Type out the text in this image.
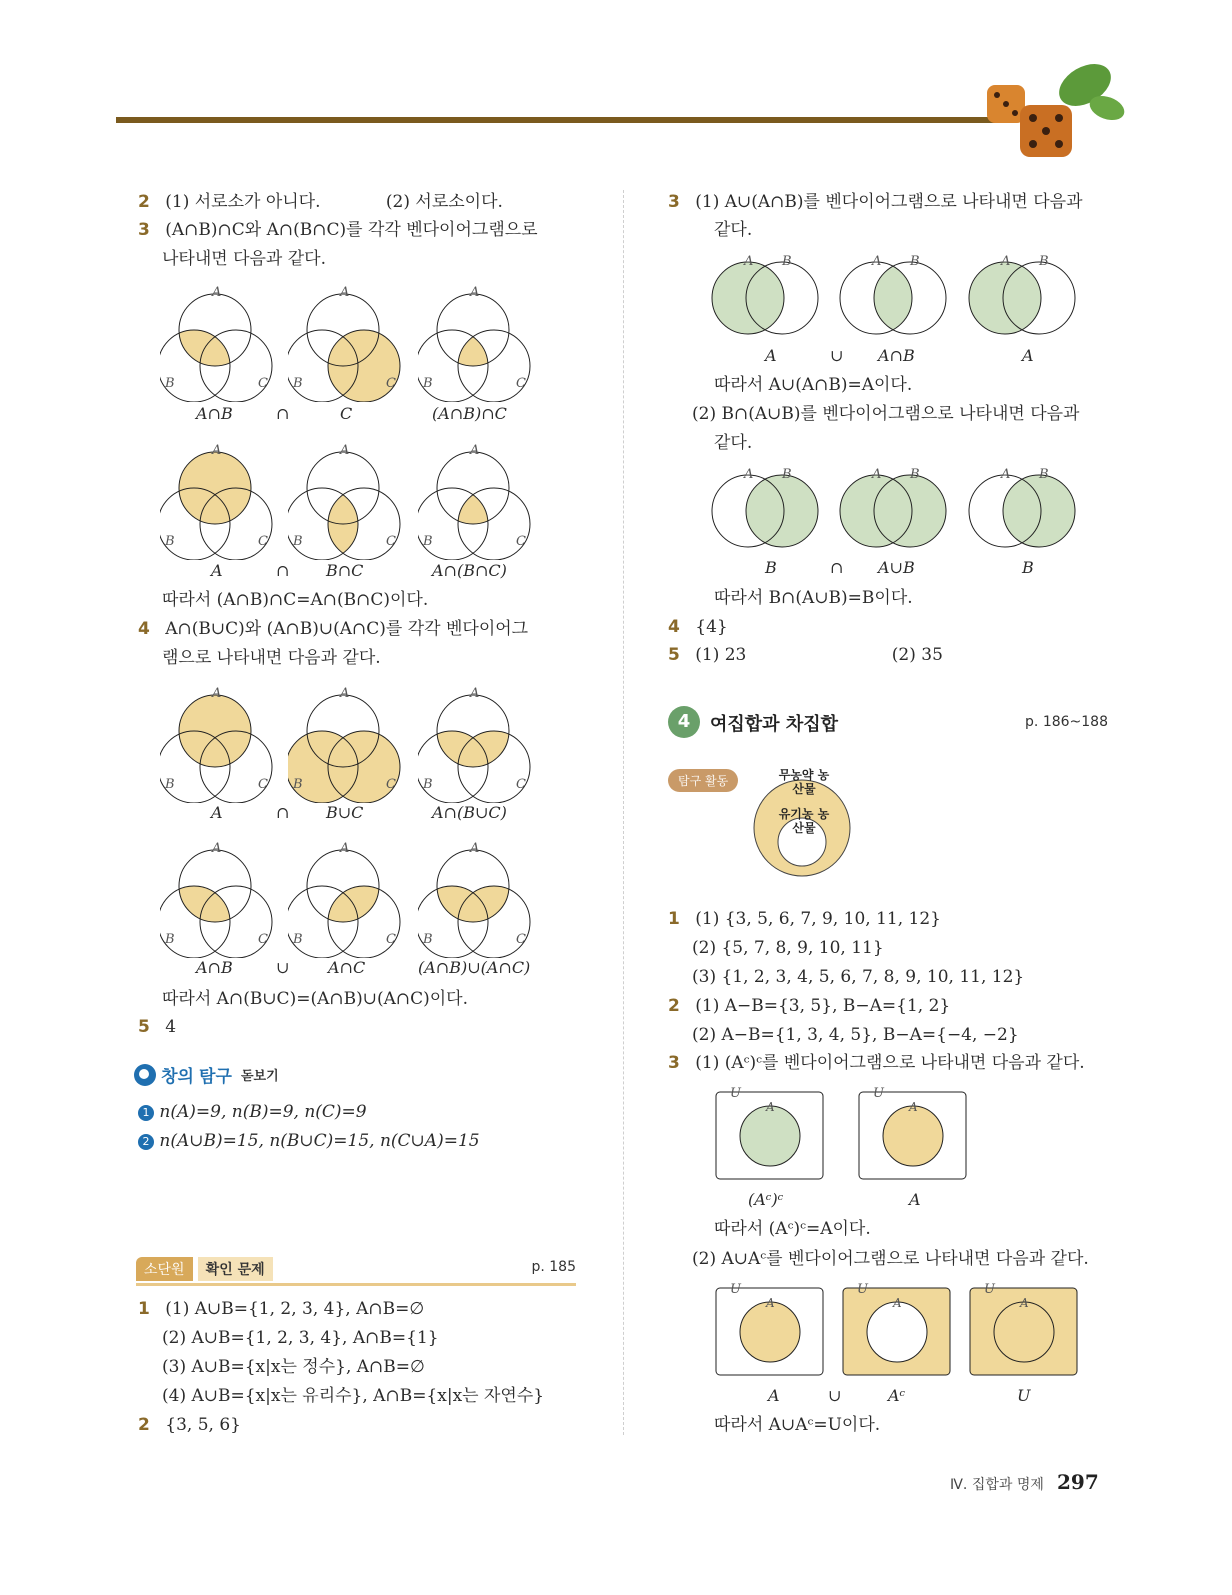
2 (1) 서로소가 아니다.	(2) 서로소이다.
3 (A∩B)∩C와 A∩(B∩C)를 각각 벤다이어그램으로
나타내면 다음과 같다.
A
B	C
A
B	C
A
B	C
A∩B	∩	C	(A∩B)∩C
A
B	C
A
B	C
A
B	C
A	∩ B∩C	A∩(B∩C)
따라서 (A∩B)∩C=A∩(B∩C)이다.
4 A∩(B∪C)와 (A∩B)∪(A∩C)를 각각 벤다이어그
램으로 나타내면 다음과 같다.
A
B	C
A
B	C
A
B	C
A	∩ B∪C	A∩(B∪C)
A
B	C
A
B	C
A
B	C
A∩B	∪ A∩C	(A∩B)∪(A∩C)
따라서 A∩(B∪C)=(A∩B)∪(A∩C)이다.
5 4
창의 탐구 돋보기
1 n(A)=9, n(B)=9, n(C)=9
2 n(A∪B)=15, n(B∪C)=15, n(C∪A)=15
소단원 확인 문제	p. 185
1 (1) A∪B={1, 2, 3, 4}, A∩B=∅
(2) A∪B={1, 2, 3, 4}, A∩B={1}
(3) A∪B={x|x는 정수}, A∩B=∅
(4) A∪B={x|x는 유리수}, A∩B={x|x는 자연수}
2 {3, 5, 6}
3 (1) A∪(A∩B)를 벤다이어그램으로 나타내면 다음과
같다.
A B	A B	A B
A	∪ A∩B	A
따라서 A∪(A∩B)=A이다.
(2) B∩(A∪B)를 벤다이어그램으로 나타내면 다음과
같다.
A B	A B	A B
B	∩ A∪B	B
따라서 B∩(A∪B)=B이다.
4 {4}
5 (1) 23	(2) 35
4	여집합과 차집합	p. 186~188
탐구 활동	무농약 농산물
유기농 농산물
1 (1) {3, 5, 6, 7, 9, 10, 11, 12}
(2) {5, 7, 8, 9, 10, 11}
(3) {1, 2, 3, 4, 5, 6, 7, 8, 9, 10, 11, 12}
2 (1) A−B={3, 5}, B−A={1, 2}
(2) A−B={1, 3, 4, 5}, B−A={−4, −2}
3 (1) (Aᶜ)ᶜ를 벤다이어그램으로 나타내면 다음과 같다.
U
A
U
A
(Aᶜ)ᶜ	A
따라서 (Aᶜ)ᶜ=A이다.
(2) A∪Aᶜ를 벤다이어그램으로 나타내면 다음과 같다.
U
A
U
A
U
A
A	∪	Aᶜ	U
따라서 A∪Aᶜ=U이다.
Ⅳ. 집합과 명제 297
